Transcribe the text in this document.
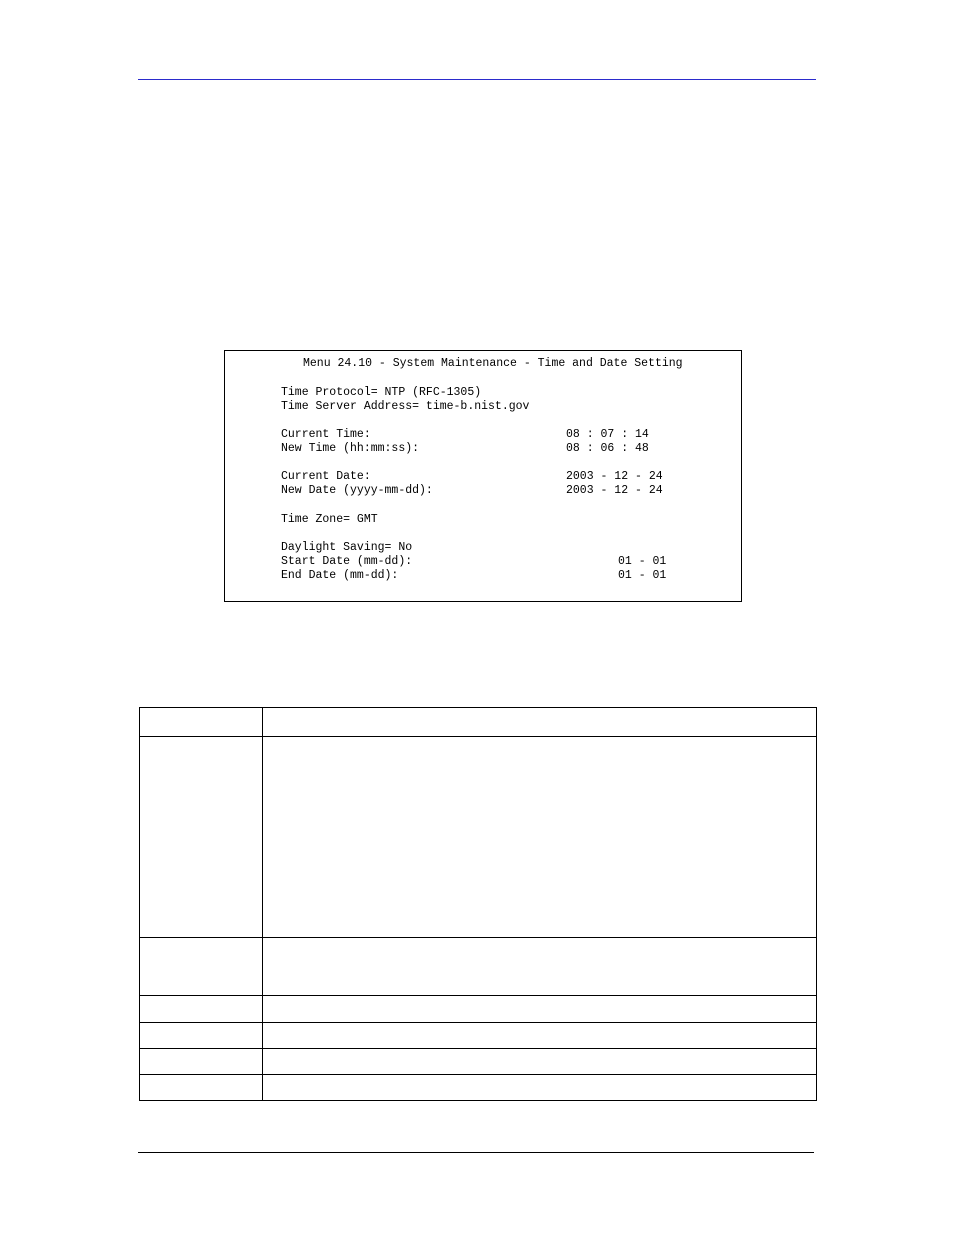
Menu 24.10 - System Maintenance - Time and Date Setting
Time Protocol= NTP (RFC-1305)
Time Server Address= time-b.nist.gov
Current Time:	08 : 07 : 14
New Time (hh:mm:ss):	08 : 06 : 48
Current Date:	2003 - 12 - 24
New Date (yyyy-mm-dd):	2003 - 12 - 24
Time Zone= GMT
Daylight Saving= No
Start Date (mm-dd):	01 - 01
End Date (mm-dd):	01 - 01
